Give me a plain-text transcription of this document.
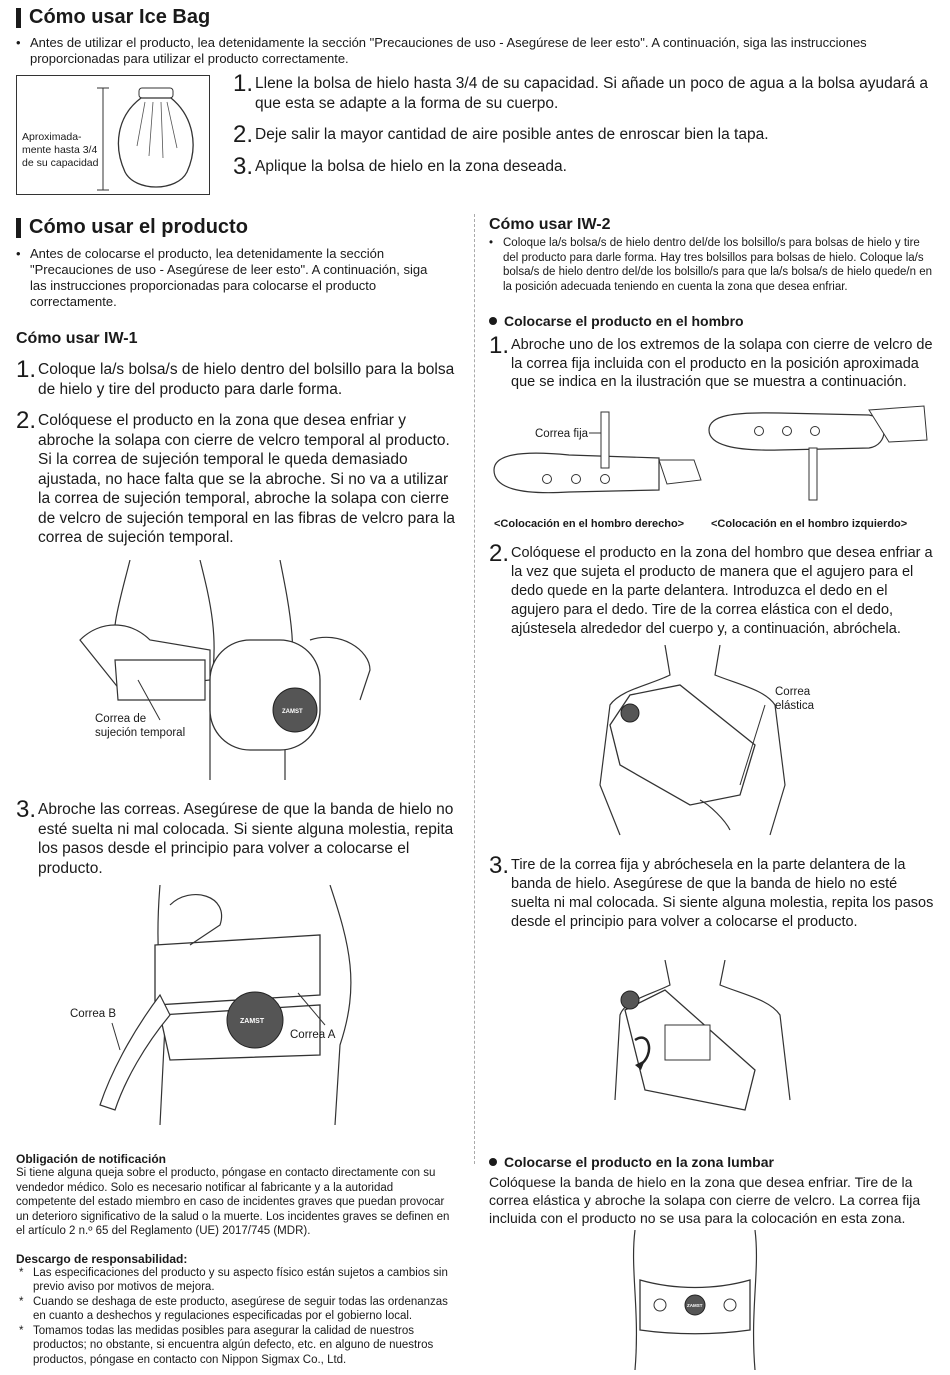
Cómo usar Ice Bag
• Antes de utilizar el producto, lea detenidamente la sección "Precauciones de uso - Asegúrese de leer esto". A continuación, siga las instrucciones proporcionadas para utilizar el producto correctamente.
Aproximada-
mente hasta 3/4
de su capacidad
1. Llene la bolsa de hielo hasta 3/4 de su capacidad. Si añade un poco de agua a la bolsa ayudará a que esta se adapte a la forma de su cuerpo.
2. Deje salir la mayor cantidad de aire posible antes de enroscar bien la tapa.
3. Aplique la bolsa de hielo en la zona deseada.
Cómo usar el producto
• Antes de colocarse el producto, lea detenidamente la sección "Precauciones de uso - Asegúrese de leer esto". A continuación, siga las instrucciones proporcionadas para colocarse el producto correctamente.
Cómo usar IW-1
1. Coloque la/s bolsa/s de hielo dentro del bolsillo para la bolsa de hielo y tire del producto para darle forma.
2. Colóquese el producto en la zona que desea enfriar y abroche la solapa con cierre de velcro temporal al producto. Si la correa de sujeción temporal le queda demasiado ajustada, no hace falta que se la abroche. Si no va a utilizar la correa de sujeción temporal, abroche la solapa con cierre de velcro de sujeción temporal en las fibras de velcro para la correa de sujeción temporal.
ZAMST
Correa de
sujeción temporal
3. Abroche las correas. Asegúrese de que la banda de hielo no esté suelta ni mal colocada. Si siente alguna molestia, repita los pasos desde el principio para volver a colocarse el producto.
ZAMST
Correa B
Correa A
Obligación de notificación

Si tiene alguna queja sobre el producto, póngase en contacto directamente con su vendedor médico. Solo es necesario notificar al fabricante y a la autoridad competente del estado miembro en caso de incidentes graves que puedan provocar un deterioro significativo de la salud o la muerte. Los incidentes graves se definen en el artículo 2 n.º 65 del Reglamento (UE) 2017/745 (MDR).

Descargo de responsabilidad:
* Las especificaciones del producto y su aspecto físico están sujetos a cambios sin previo aviso por motivos de mejora.
* Cuando se deshaga de este producto, asegúrese de seguir todas las ordenanzas en cuanto a deshechos y regulaciones especificadas por el gobierno local.
* Tomamos todas las medidas posibles para asegurar la calidad de nuestros productos; no obstante, si encuentra algún defecto, etc. en alguno de nuestros productos, póngase en contacto con Nippon Sigmax Co., Ltd.
Cómo usar IW-2
• Coloque la/s bolsa/s de hielo dentro del/de los bolsillo/s para bolsas de hielo y tire del producto para darle forma. Hay tres bolsillos para bolsas de hielo. Coloque la/s bolsa/s de hielo dentro del/de los bolsillo/s para que la/s bolsa/s de hielo quede/n en la posición adecuada teniendo en cuenta la zona que desea enfriar.
Colocarse el producto en el hombro
1. Abroche uno de los extremos de la solapa con cierre de velcro de la correa fija incluida con el producto en la posición aproximada que se indica en la ilustración que se muestra a continuación.
Correa fija
<Colocación en el hombro derecho> <Colocación en el hombro izquierdo>
2. Colóquese el producto en la zona del hombro que desea enfriar a la vez que sujeta el producto de manera que el agujero para el dedo quede en la parte delantera. Introduzca el dedo en el agujero para el dedo. Tire de la correa elástica con el dedo, ajústesela alrededor del cuerpo y, a continuación, abróchela.
Correa
elástica
3. Tire de la correa fija y abróchesela en la parte delantera de la banda de hielo. Asegúrese de que la banda de hielo no esté suelta ni mal colocada. Si siente alguna molestia, repita los pasos desde el principio para volver a colocarse el producto.
Colocarse el producto en la zona lumbar
Colóquese la banda de hielo en la zona que desea enfriar. Tire de la correa elástica y abroche la solapa con cierre de velcro. La correa fija incluida con el producto no se usa para la colocación en esta zona.
ZAMST
